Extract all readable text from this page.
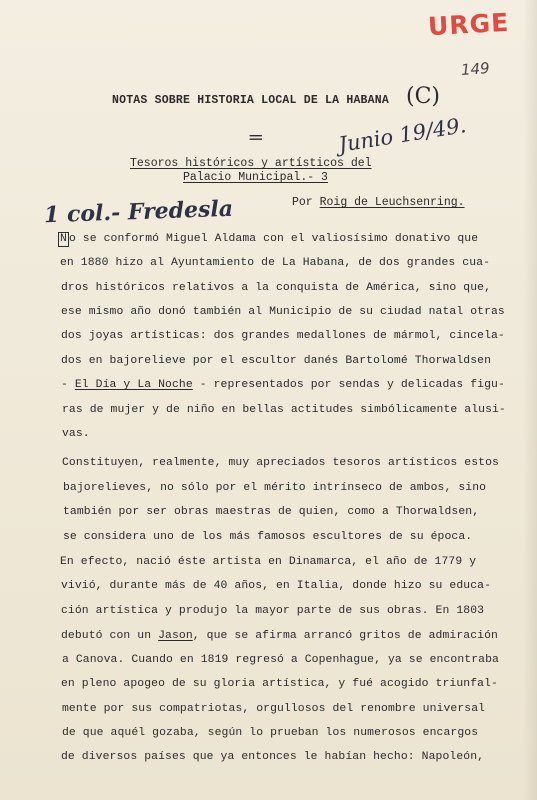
URGE
149
NOTAS SOBRE HISTORIA LOCAL DE LA HABANA (C)
==	Junio 19/49.
Tesoros históricos y artísticos del
Palacio Municipal.- 3
Por Roig de Leuchsenring.
1 col.- Fredesla
N o se conformó Miguel Aldama con el valiosísimo donativo que
en 1880 hizo al Ayuntamiento de La Habana, de dos grandes cua-
dros históricos relativos a la conquista de América, sino que,
ese mismo año donó también al Municipio de su ciudad natal otras
dos joyas artísticas: dos grandes medallones de mármol, cincela-
dos en bajorelieve por el escultor danés Bartolomé Thorwaldsen
- El Día y La Noche - representados por sendas y delicadas figu-
ras de mujer y de niño en bellas actitudes simbólicamente alusi-
vas.
Constituyen, realmente, muy apreciados tesoros artísticos estos
bajorelieves, no sólo por el mérito intrínseco de ambos, sino
también por ser obras maestras de quien, como a Thorwaldsen,
se considera uno de los más famosos escultores de su época.
En efecto, nació éste artista en Dinamarca, el año de 1779 y
vivió, durante más de 40 años, en Italia, donde hizo su educa-
ción artística y produjo la mayor parte de sus obras. En 1803
debutó con un Jason, que se afirma arrancó gritos de admiración
a Canova. Cuando en 1819 regresó a Copenhague, ya se encontraba
en pleno apogeo de su gloria artística, y fué acogido triunfal-
mente por sus compatriotas, orgullosos del renombre universal
de que aquél gozaba, según lo prueban los numerosos encargos
de diversos países que ya entonces le habían hecho: Napoleón,
